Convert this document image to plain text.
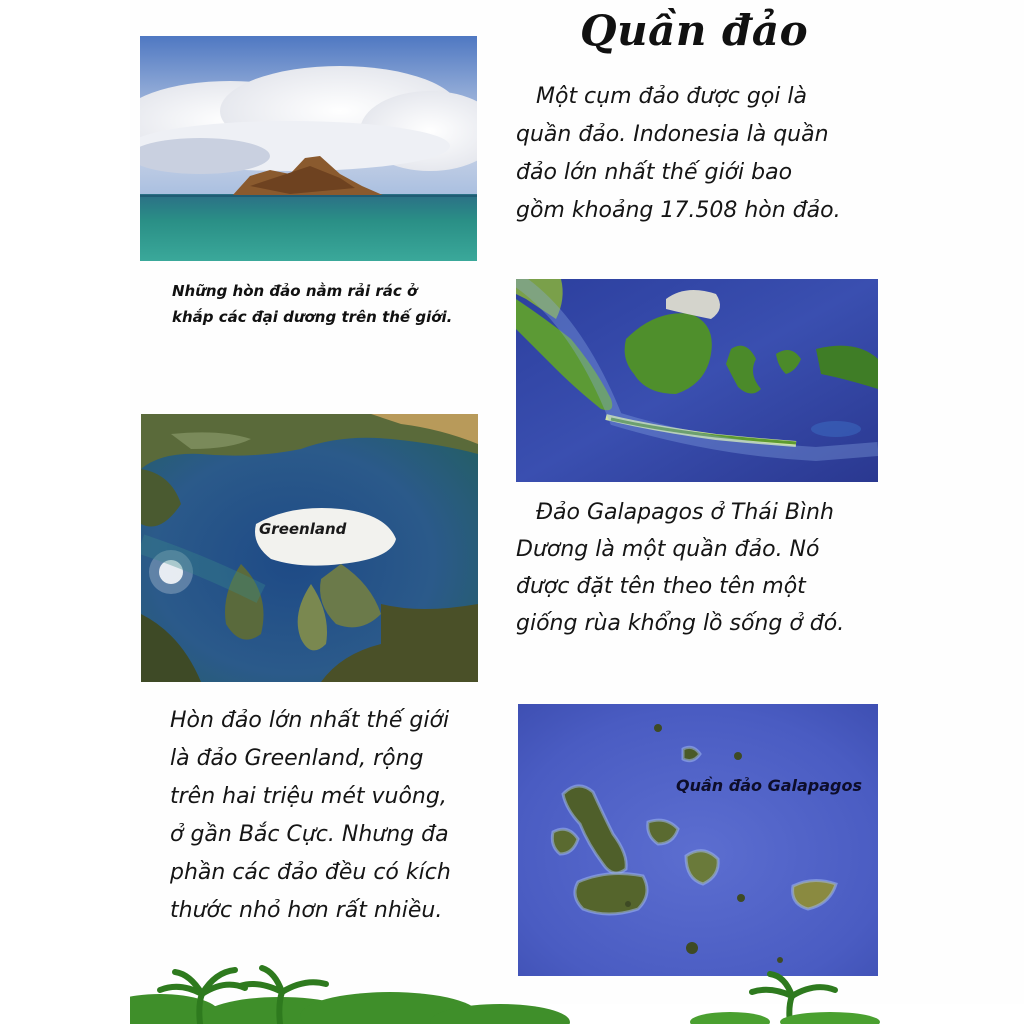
Quần đảo
Những hòn đảo nằm rải rác ở
khắp các đại dương trên thế giới.
Một cụm đảo được gọi là
quần đảo. Indonesia là quần
đảo lớn nhất thế giới bao
gồm khoảng 17.508 hòn đảo.
Greenland
Đảo Galapagos ở Thái Bình
Dương là một quần đảo. Nó
được đặt tên theo tên một
giống rùa khổng lồ sống ở đó.
Hòn đảo lớn nhất thế giới
là đảo Greenland, rộng
trên hai triệu mét vuông,
ở gần Bắc Cực. Nhưng đa
phần các đảo đều có kích
thước nhỏ hơn rất nhiều.
Quần đảo Galapagos
